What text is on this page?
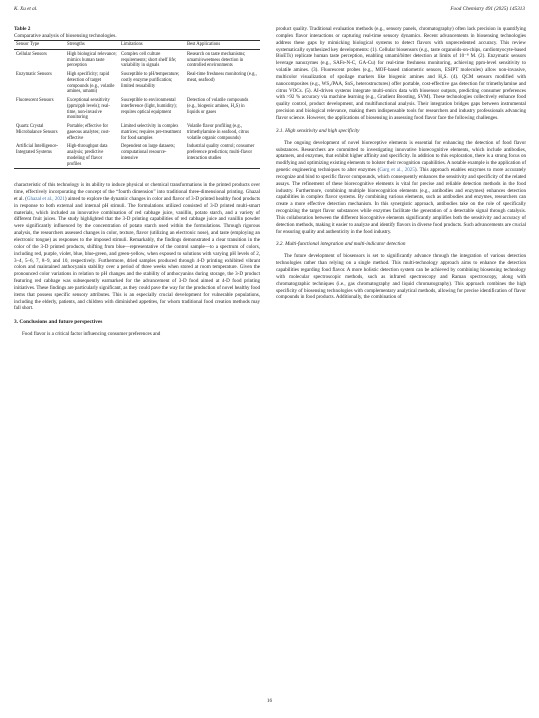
K. Xu et al.	Food Chemistry 491 (2025) 145313
Table 2
Comparative analysis of biosensing technologies.
Sensor Type	Strengths	Limitations	Best Applications
Cellular Sensors	High biological relevance; mimics human taste perception	Complex cell culture requirements; short shelf life; variability in signals	Research on taste mechanisms; umami/sweetness detection in controlled environments
Enzymatic Sensors	High specificity; rapid detection of target compounds (e.g., volatile amines, umami)	Susceptible to pH/temperature; costly enzyme purification; limited reusability	Real-time freshness monitoring (e.g., meat, seafood)
Fluorescent Sensors	Exceptional sensitivity (ppm/ppb levels); real-time, non-invasive monitoring	Susceptible to environmental interference (light, humidity); requires optical equipment	Detection of volatile compounds (e.g., biogenic amines, H₂S) in liquids or gases
Quartz Crystal Microbalance Sensors	Portable; effective for gaseous analytes; cost-effective	Limited selectivity in complex matrices; requires pre-treatment for food samples	Volatile flavor profiling (e.g., trimethylamine in seafood, citrus volatile organic compounds)
Artificial Intelligence-Integrated Systems	High-throughput data analysis; predictive modeling of flavor profiles	Dependent on large datasets; computational resource-intensive	Industrial quality control; consumer preference prediction; multi-flavor interaction studies

characteristic of this technology is its ability to induce physical or chemical transformations in the printed products over time, effectively incorporating the concept of the “fourth dimension” into traditional three-dimensional printing. Ghazal et al. (Ghazal et al., 2021) aimed to explore the dynamic changes in color and flavor of 3-D printed healthy food products in response to both external and internal pH stimuli. The formulations utilized consisted of 3-D printed multi-smart materials, which included an innovative combination of red cabbage juice, vanillin, potato starch, and a variety of different fruit juices. The study highlighted that the 3-D printing capabilities of red cabbage juice and vanillin powder were significantly influenced by the concentration of potato starch used within the formulations. Through rigorous analysis, the researchers assessed changes in color, texture, flavor (utilizing an electronic nose), and taste (employing an electronic tongue) as responses to the imposed stimuli. Remarkably, the findings demonstrated a clear transition in the color of the 3-D printed products, shifting from blue—representative of the control sample—to a spectrum of colors, including red, purple, violet, blue, blue-green, and green-yellow, when exposed to solutions with varying pH levels of 2, 3–4, 5–6, 7, 8–9, and 10, respectively. Furthermore, dried samples produced through 4-D printing exhibited vibrant colors and maintained anthocyanin stability over a period of three weeks when stored at room temperature. Given the pronounced color variations in relation to pH changes and the stability of anthocyanins during storage, the 3-D product featuring red cabbage was subsequently earmarked for the advancement of 3-D food aimed at 4-D food printing initiatives. These findings are particularly significant, as they could pave the way for the production of novel healthy food items that possess specific sensory attributes. This is an especially crucial development for vulnerable populations, including the elderly, patients, and children with diminished appetites, for whom traditional food creation methods may fall short.

3. Conclusions and future perspectives

Food flavor is a critical factor influencing consumer preferences and

product quality. Traditional evaluation methods (e.g., sensory panels, chromatography) often lack precision in quantifying complex flavor interactions or capturing real-time sensory dynamics. Recent advancements in biosensing technologies address these gaps by mimicking biological systems to detect flavors with unprecedented accuracy. This review systematically synthesized key developments: (1). Cellular biosensors (e.g., taste organoids-on-chips, cardiomyocyte-based BioETs) replicate human taste perception, enabling umami/bitter detection at limits of 10⁻⁸ M. (2). Enzymatic sensors leverage nanozymes (e.g., SAFe-N-C, GA-Cu) for real-time freshness monitoring, achieving ppm-level sensitivity to volatile amines. (3). Fluorescent probes (e.g., MOF-based ratiometric sensors, ESIPT molecules) allow non-invasive, multicolor visualization of spoilage markers like biogenic amines and H₂S. (4). QCM sensors modified with nanocomposites (e.g., WS₂/PAA, SnS₂ heterostructures) offer portable, cost-effective gas detection for trimethylamine and citrus VOCs. (5). AI-driven systems integrate multi-omics data with biosensor outputs, predicting consumer preferences with >92 % accuracy via machine learning (e.g., Gradient Boosting, SVM). These technologies collectively enhance food quality control, product development, and multifunctional analysis. Their integration bridges gaps between instrumental precision and biological relevance, making them indispensable tools for researchers and industry professionals advancing flavor science. However, the applications of biosensing in assessing food flavor face the following challenges.

3.1. High sensitivity and high specificity

The ongoing development of novel bioreceptive elements is essential for enhancing the detection of food flavor substances. Researchers are committed to investigating innovative biorecognitive elements, which include antibodies, aptamers, and enzymes, that exhibit higher affinity and specificity. In addition to this exploration, there is a strong focus on modifying and optimizing existing elements to bolster their recognition capabilities. A notable example is the application of genetic engineering techniques to alter enzymes (Garg et al., 2025). This approach enables enzymes to more accurately recognize and bind to specific flavor compounds, which consequently enhances the sensitivity and specificity of the related assays. The refinement of these biorecognitive elements is vital for precise and reliable detection methods in the food industry. Furthermore, combining multiple biorecognition elements (e.g., antibodies and enzymes) enhances detection capabilities in complex flavor systems. By combining various elements, such as antibodies and enzymes, researchers can create a more effective detection mechanism. In this synergistic approach, antibodies take on the role of specifically recognizing the target flavor substances while enzymes facilitate the generation of a detectable signal through catalysis. This collaboration between the different biocognitive elements significantly amplifies both the sensitivity and accuracy of detection methods, making it easier to analyze and identify flavors in diverse food products. Such advancements are crucial for ensuring quality and authenticity in the food industry.

3.2. Multi-functional integration and multi-indicator detection

The future development of biosensors is set to significantly advance through the integration of various detection technologies rather than relying on a single method. This multi-technology approach aims to enhance the detection capabilities regarding food flavor. A more holistic detection system can be achieved by combining biosensing technology with molecular spectroscopic methods, such as infrared spectroscopy and Raman spectroscopy, along with chromatographic techniques (i.e., gas chromatography and liquid chromatography). This approach combines the high specificity of biosensing technologies with complementary analytical methods, allowing for precise identification of flavor compounds in food products. Additionally, the combination of

16
